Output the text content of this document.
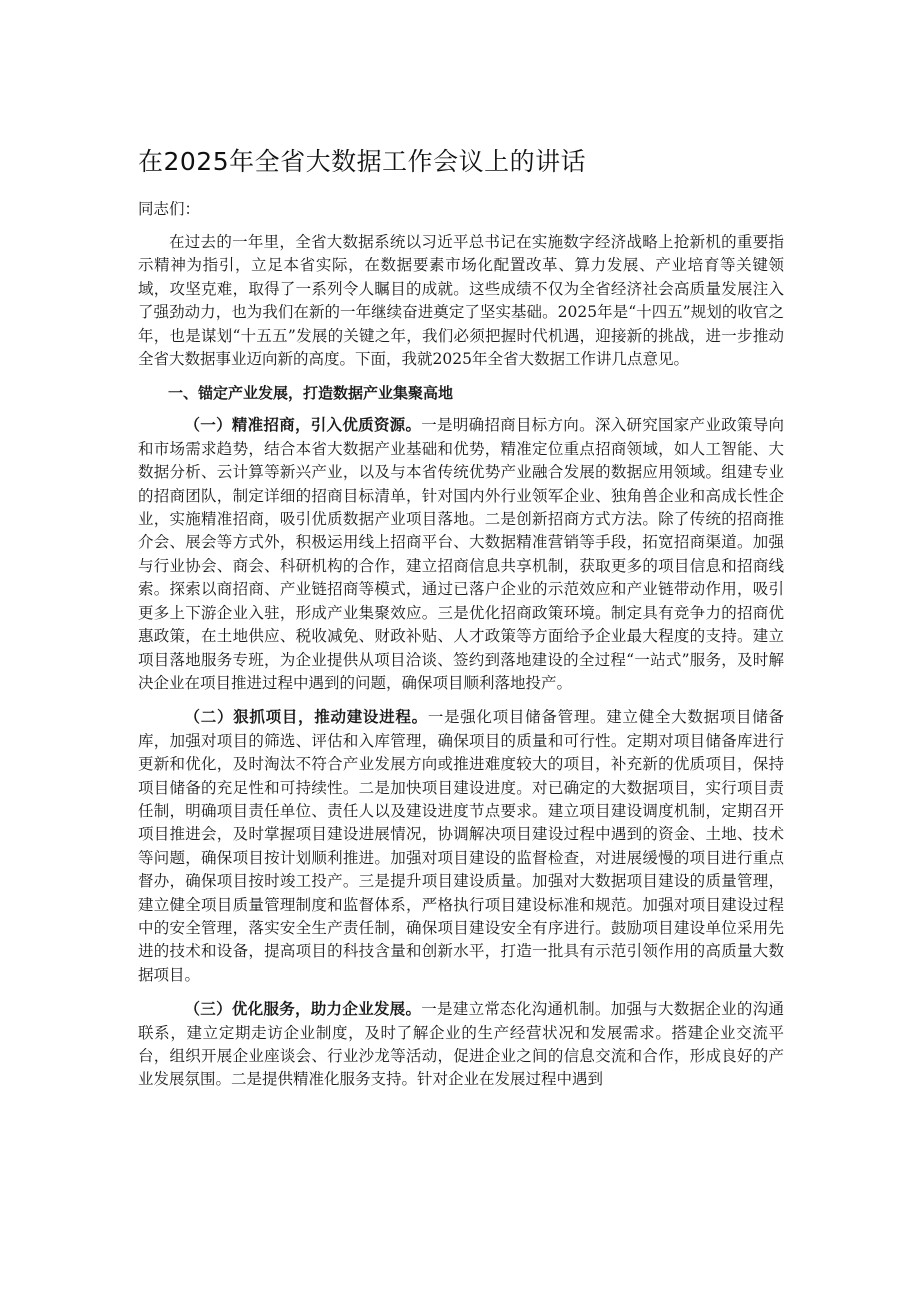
在2025年全省大数据工作会议上的讲话
同志们：

在过去的一年里，全省大数据系统以习近平总书记在实施数字经济战略上抢新机的重要指示精神为指引，立足本省实际，在数据要素市场化配置改革、算力发展、产业培育等关键领域，攻坚克难，取得了一系列令人瞩目的成就。这些成绩不仅为全省经济社会高质量发展注入了强劲动力，也为我们在新的一年继续奋进奠定了坚实基础。2025年是“十四五”规划的收官之年，也是谋划“十五五”发展的关键之年，我们必须把握时代机遇，迎接新的挑战，进一步推动全省大数据事业迈向新的高度。下面，我就2025年全省大数据工作讲几点意见。

一、锚定产业发展，打造数据产业集聚高地

（一）精准招商，引入优质资源。一是明确招商目标方向。深入研究国家产业政策导向和市场需求趋势，结合本省大数据产业基础和优势，精准定位重点招商领域，如人工智能、大数据分析、云计算等新兴产业，以及与本省传统优势产业融合发展的数据应用领域。组建专业的招商团队，制定详细的招商目标清单，针对国内外行业领军企业、独角兽企业和高成长性企业，实施精准招商，吸引优质数据产业项目落地。二是创新招商方式方法。除了传统的招商推介会、展会等方式外，积极运用线上招商平台、大数据精准营销等手段，拓宽招商渠道。加强与行业协会、商会、科研机构的合作，建立招商信息共享机制，获取更多的项目信息和招商线索。探索以商招商、产业链招商等模式，通过已落户企业的示范效应和产业链带动作用，吸引更多上下游企业入驻，形成产业集聚效应。三是优化招商政策环境。制定具有竞争力的招商优惠政策，在土地供应、税收减免、财政补贴、人才政策等方面给予企业最大程度的支持。建立项目落地服务专班，为企业提供从项目洽谈、签约到落地建设的全过程“一站式”服务，及时解决企业在项目推进过程中遇到的问题，确保项目顺利落地投产。

（二）狠抓项目，推动建设进程。一是强化项目储备管理。建立健全大数据项目储备库，加强对项目的筛选、评估和入库管理，确保项目的质量和可行性。定期对项目储备库进行更新和优化，及时淘汰不符合产业发展方向或推进难度较大的项目，补充新的优质项目，保持项目储备的充足性和可持续性。二是加快项目建设进度。对已确定的大数据项目，实行项目责任制，明确项目责任单位、责任人以及建设进度节点要求。建立项目建设调度机制，定期召开项目推进会，及时掌握项目建设进展情况，协调解决项目建设过程中遇到的资金、土地、技术等问题，确保项目按计划顺利推进。加强对项目建设的监督检查，对进展缓慢的项目进行重点督办，确保项目按时竣工投产。三是提升项目建设质量。加强对大数据项目建设的质量管理，建立健全项目质量管理制度和监督体系，严格执行项目建设标准和规范。加强对项目建设过程中的安全管理，落实安全生产责任制，确保项目建设安全有序进行。鼓励项目建设单位采用先进的技术和设备，提高项目的科技含量和创新水平，打造一批具有示范引领作用的高质量大数据项目。

（三）优化服务，助力企业发展。一是建立常态化沟通机制。加强与大数据企业的沟通联系，建立定期走访企业制度，及时了解企业的生产经营状况和发展需求。搭建企业交流平台，组织开展企业座谈会、行业沙龙等活动，促进企业之间的信息交流和合作，形成良好的产业发展氛围。二是提供精准化服务支持。针对企业在发展过程中遇到
